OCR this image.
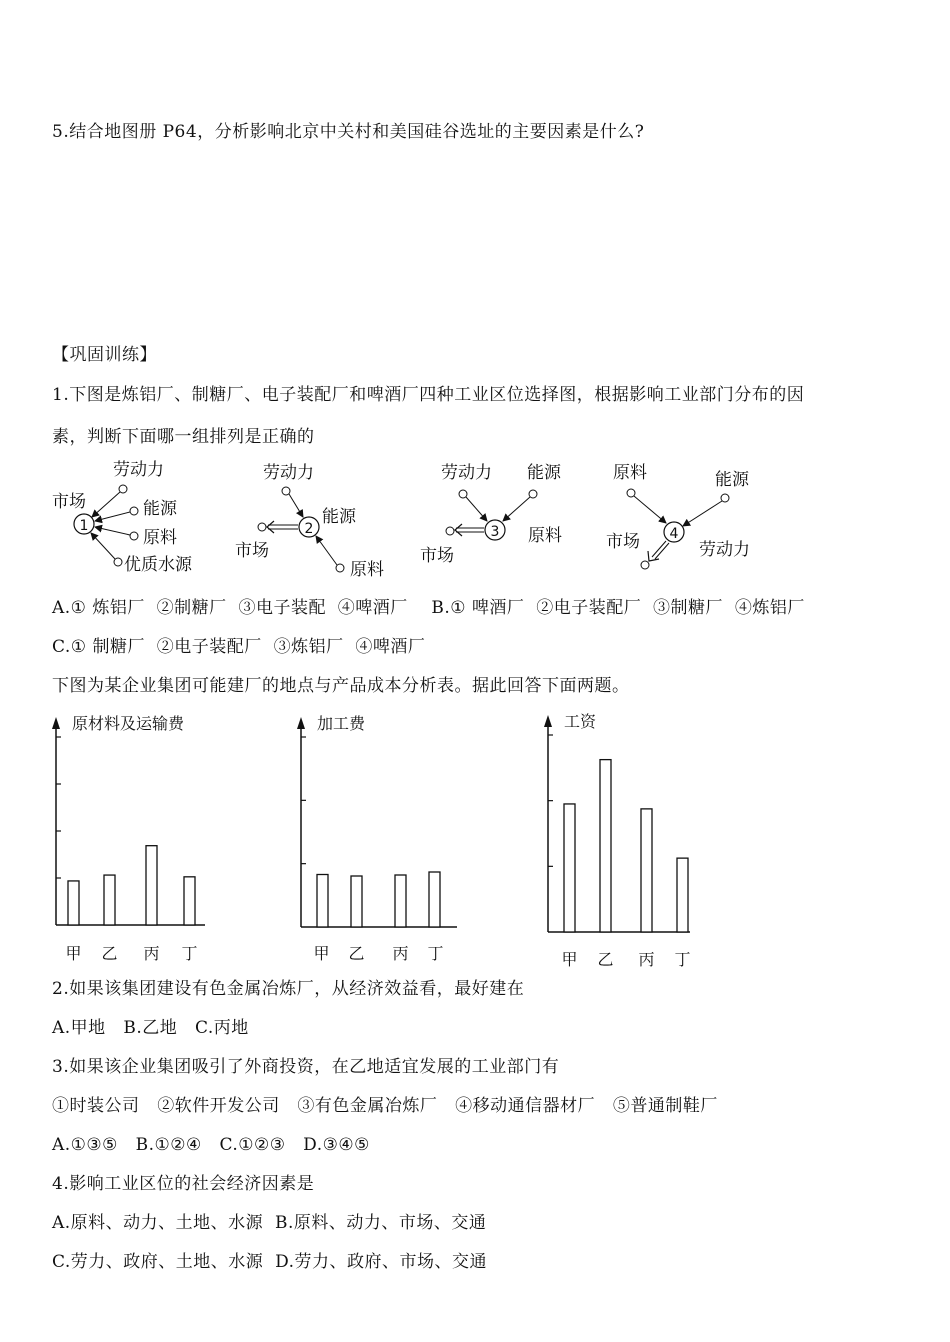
5.结合地图册 P64，分析影响北京中关村和美国硅谷选址的主要因素是什么?
【巩固训练】
1.下图是炼铝厂、制糖厂、电子装配厂和啤酒厂四种工业区位选择图，根据影响工业部门分布的因
素，判断下面哪一组排列是正确的
1
劳动力
市场	能源
原料
优质水源
2
劳动力
能源
市场
原料
3
劳动力 能源
原料
市场
4
原料	能源
市场	劳动力
A.① 炼铝厂  ②制糖厂  ③电子装配  ④啤酒厂    B.① 啤酒厂  ②电子装配厂  ③制糖厂  ④炼铝厂
C.① 制糖厂  ②电子装配厂  ③炼铝厂  ④啤酒厂
下图为某企业集团可能建厂的地点与产品成本分析表。据此回答下面两题。
原材料及运输费
甲 乙 丙 丁
加工费
甲 乙 丙 丁
工资
甲 乙 丙 丁
2.如果该集团建设有色金属冶炼厂，从经济效益看，最好建在
A.甲地   B.乙地   C.丙地
3.如果该企业集团吸引了外商投资，在乙地适宜发展的工业部门有
①时装公司   ②软件开发公司   ③有色金属冶炼厂   ④移动通信器材厂   ⑤普通制鞋厂
A.①③⑤   B.①②④   C.①②③   D.③④⑤
4.影响工业区位的社会经济因素是
A.原料、动力、土地、水源  B.原料、动力、市场、交通
C.劳力、政府、土地、水源  D.劳力、政府、市场、交通
